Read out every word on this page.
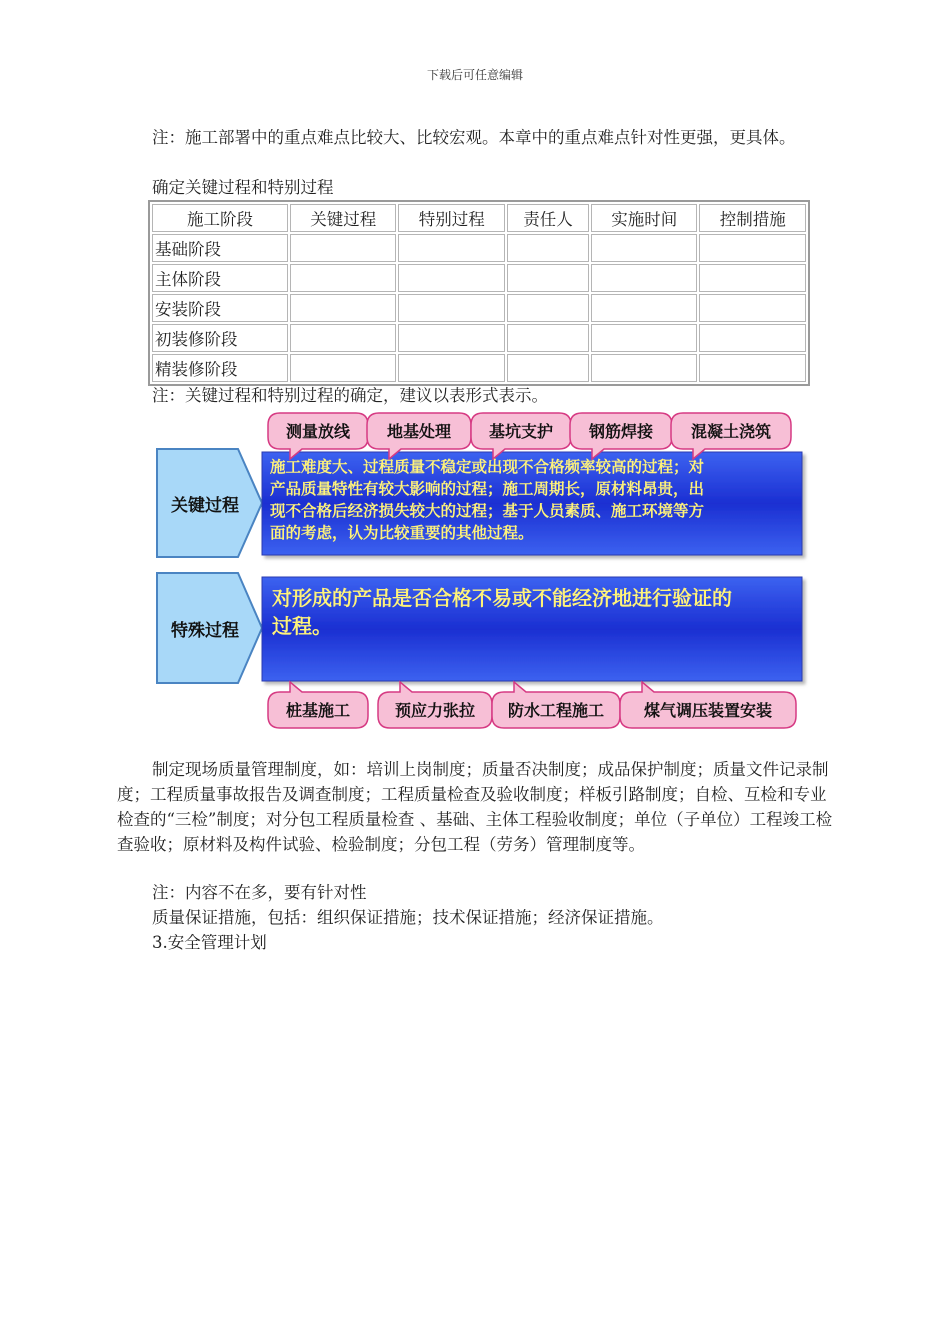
下载后可任意编辑

注：施工部署中的重点难点比较大、比较宏观。本章中的重点难点针对性更强，更具体。

确定关键过程和特别过程
施工阶段	关键过程	特别过程	责任人	实施时间	控制措施
基础阶段					
主体阶段					
安装阶段					
初装修阶段					
精装修阶段					
注：关键过程和特别过程的确定，建议以表形式表示。
关键过程
特殊过程
测量放线 地基处理 基坑支护 钢筋焊接 混凝土浇筑
桩基施工	预应力张拉 防水工程施工 煤气调压装置安装
施工难度大、过程质量不稳定或出现不合格频率较高的过程；对
产品质量特性有较大影响的过程；施工周期长，原材料昂贵，出
现不合格后经济损失较大的过程；基于人员素质、施工环境等方
面的考虑，认为比较重要的其他过程。
对形成的产品是否合格不易或不能经济地进行验证的
过程。

制定现场质量管理制度，如：培训上岗制度；质量否决制度；成品保护制度；质量文件记录制度；工程质量事故报告及调查制度；工程质量检查及验收制度；样板引路制度；自检、互检和专业检查的“三检”制度；对分包工程质量检查 、基础、主体工程验收制度；单位（子单位）工程竣工检查验收；原材料及构件试验、检验制度；分包工程（劳务）管理制度等。

注：内容不在多，要有针对性
质量保证措施，包括：组织保证措施；技术保证措施；经济保证措施。
3.安全管理计划
